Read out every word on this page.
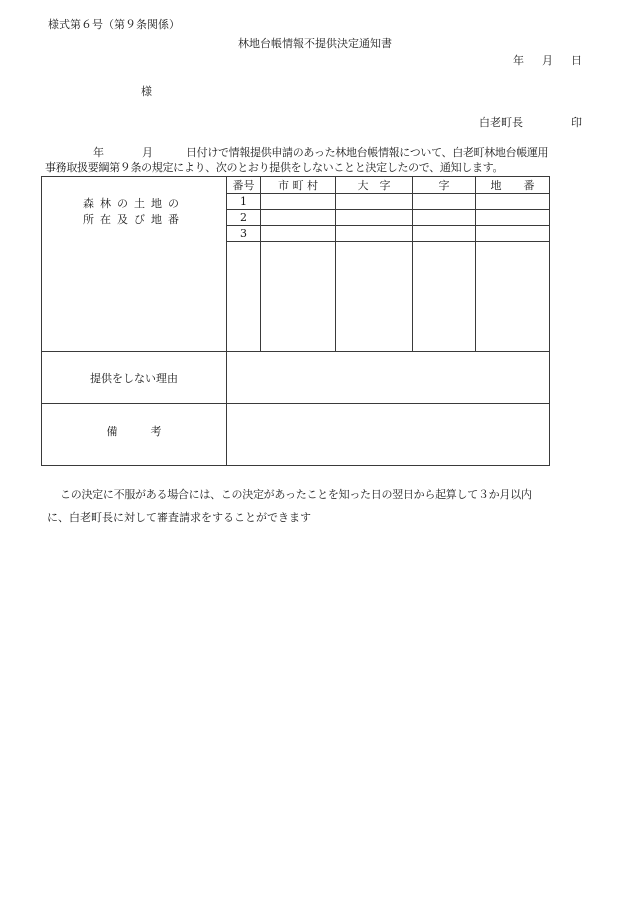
様式第６号（第９条関係）
林地台帳情報不提供決定通知書
年 月 日
様
白老町長	印
年	月	日付けで情報提供申請のあった林地台帳情報について、白老町林地台帳運用
事務取扱要綱第９条の規定により、次のとおり提供をしないことと決定したので、通知します。
森林の土地の
所在及び地番	番号	市 町 村	大　字	字	地　　番
	1				
	2				
	3				

提供をしない理由					
備　　　考					
この決定に不服がある場合には、この決定があったことを知った日の翌日から起算して３か月以内
に、白老町長に対して審査請求をすることができます
